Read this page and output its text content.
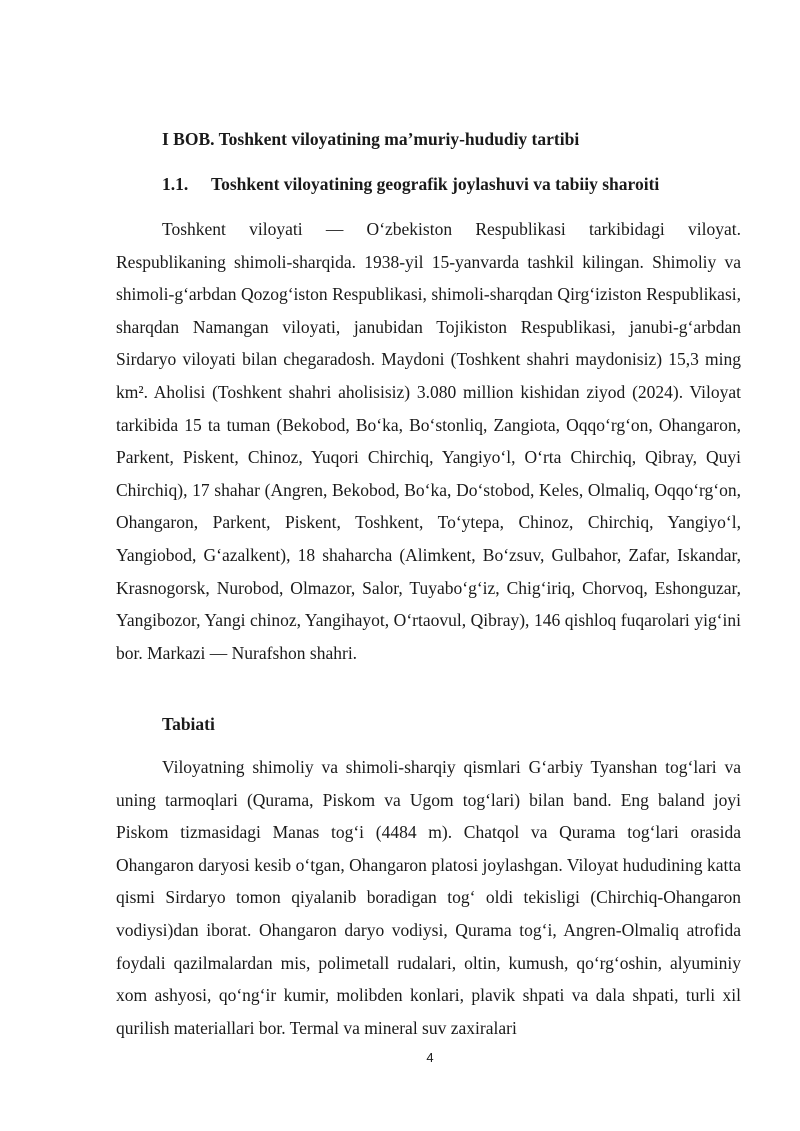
I BOB. Toshkent viloyatining ma’muriy-hududiy tartibi
1.1. Toshkent viloyatining geografik joylashuvi va tabiiy sharoiti

Toshkent viloyati — O‘zbekiston Respublikasi tarkibidagi viloyat. Respublikaning shimoli-sharqida. 1938-yil 15-yanvarda tashkil kilingan. Shimoliy va shimoli-g‘arbdan Qozog‘iston Respublikasi, shimoli-sharqdan Qirg‘iziston Respublikasi, sharqdan Namangan viloyati, janubidan Tojikiston Respublikasi, janubi-g‘arbdan Sirdaryo viloyati bilan chegaradosh. Maydoni (Toshkent shahri maydonisiz) 15,3 ming km². Aholisi (Toshkent shahri aholisisiz) 3.080 million kishidan ziyod (2024). Viloyat tarkibida 15 ta tuman (Bekobod, Bo‘ka, Bo‘stonliq, Zangiota, Oqqo‘rg‘on, Ohangaron, Parkent, Piskent, Chinoz, Yuqori Chirchiq, Yangiyo‘l, O‘rta Chirchiq, Qibray, Quyi Chirchiq), 17 shahar (Angren, Bekobod, Bo‘ka, Do‘stobod, Keles, Olmaliq, Oqqo‘rg‘on, Ohangaron, Parkent, Piskent, Toshkent, To‘ytepa, Chinoz, Chirchiq, Yangiyo‘l, Yangiobod, G‘azalkent), 18 shaharcha (Alimkent, Bo‘zsuv, Gulbahor, Zafar, Iskandar, Krasnogorsk, Nurobod, Olmazor, Salor, Tuyabo‘g‘iz, Chig‘iriq, Chorvoq, Eshonguzar, Yangibozor, Yangi chinoz, Yangihayot, O‘rtaovul, Qibray), 146 qishloq fuqarolari yig‘ini bor. Markazi — Nurafshon shahri.

Tabiati

Viloyatning shimoliy va shimoli-sharqiy qismlari G‘arbiy Tyanshan tog‘lari va uning tarmoqlari (Qurama, Piskom va Ugom tog‘lari) bilan band. Eng baland joyi Piskom tizmasidagi Manas tog‘i (4484 m). Chatqol va Qurama tog‘lari orasida Ohangaron daryosi kesib o‘tgan, Ohangaron platosi joylashgan. Viloyat hududining katta qismi Sirdaryo tomon qiyalanib boradigan tog‘ oldi tekisligi (Chirchiq-Ohangaron vodiysi)dan iborat. Ohangaron daryo vodiysi, Qurama tog‘i, Angren-Olmaliq atrofida foydali qazilmalardan mis, polimetall rudalari, oltin, kumush, qo‘rg‘oshin, alyuminiy xom ashyosi, qo‘ng‘ir kumir, molibden konlari, plavik shpati va dala shpati, turli xil qurilish materiallari bor. Termal va mineral suv zaxiralari

4
